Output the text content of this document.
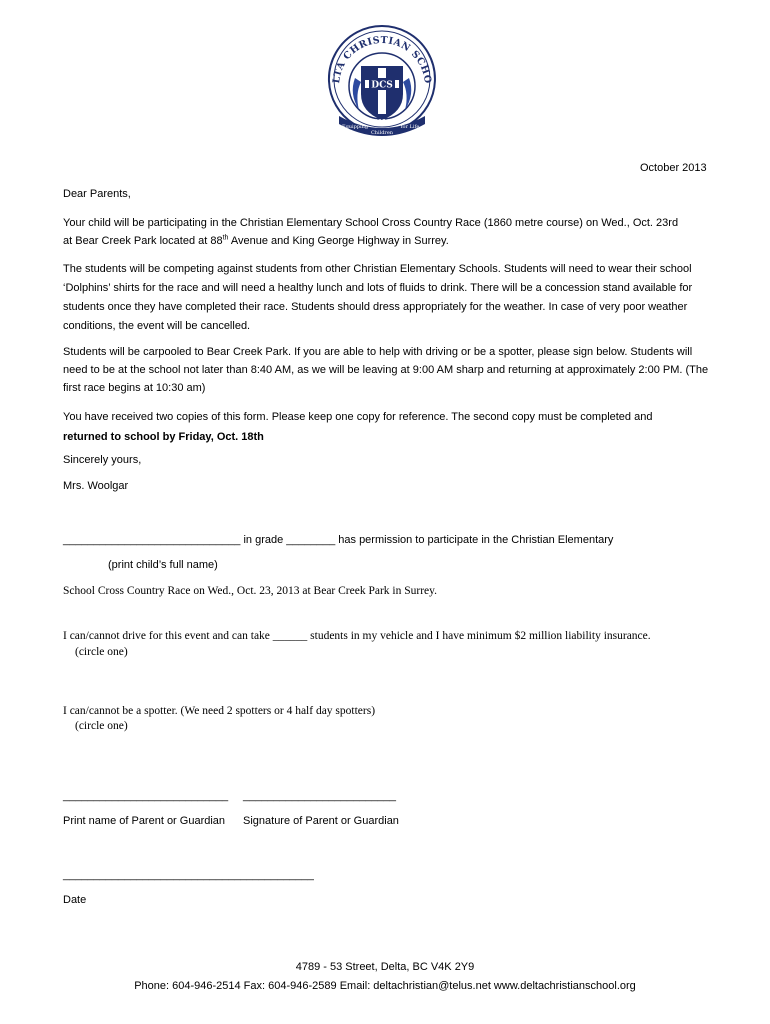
LTA CHRISTIAN SCHO
DCS
1954
Equipping
Children
for Life
October 2013
Dear Parents,
Your child will be participating in the Christian Elementary School Cross Country Race (1860 metre course) on Wed., Oct. 23rd
at Bear Creek Park located at 88th Avenue and King George Highway in Surrey.

The students will be competing against students from other Christian Elementary Schools. Students will need to wear their school ‘Dolphins’ shirts for the race and will need a healthy lunch and lots of fluids to drink. There will be a concession stand available for students once they have completed their race. Students should dress appropriately for the weather. In case of very poor weather conditions, the event will be cancelled.

Students will be carpooled to Bear Creek Park. If you are able to help with driving or be a spotter, please sign below. Students will need to be at the school not later than 8:40 AM, as we will be leaving at 9:00 AM sharp and returning at approximately 2:00 PM. (The first race begins at 10:30 am)

You have received two copies of this form. Please keep one copy for reference. The second copy must be completed and
returned to school by Friday, Oct. 18th
Sincerely yours,
Mrs. Woolgar
_____________________________ in grade ________ has permission to participate in the Christian Elementary
(print child’s full name)
School Cross Country Race on Wed., Oct. 23, 2013 at Bear Creek Park in Surrey.
I can/cannot drive for this event and can take ______ students in my vehicle and I have minimum $2 million liability insurance.
(circle one)
I can/cannot be a spotter. (We need 2 spotters or 4 half day spotters)
(circle one)
___________________________ _________________________
Print name of Parent or Guardian Signature of Parent or Guardian
_________________________________________
Date
4789 - 53 Street, Delta, BC V4K 2Y9
Phone: 604-946-2514 Fax: 604-946-2589 Email: deltachristian@telus.net www.deltachristianschool.org
